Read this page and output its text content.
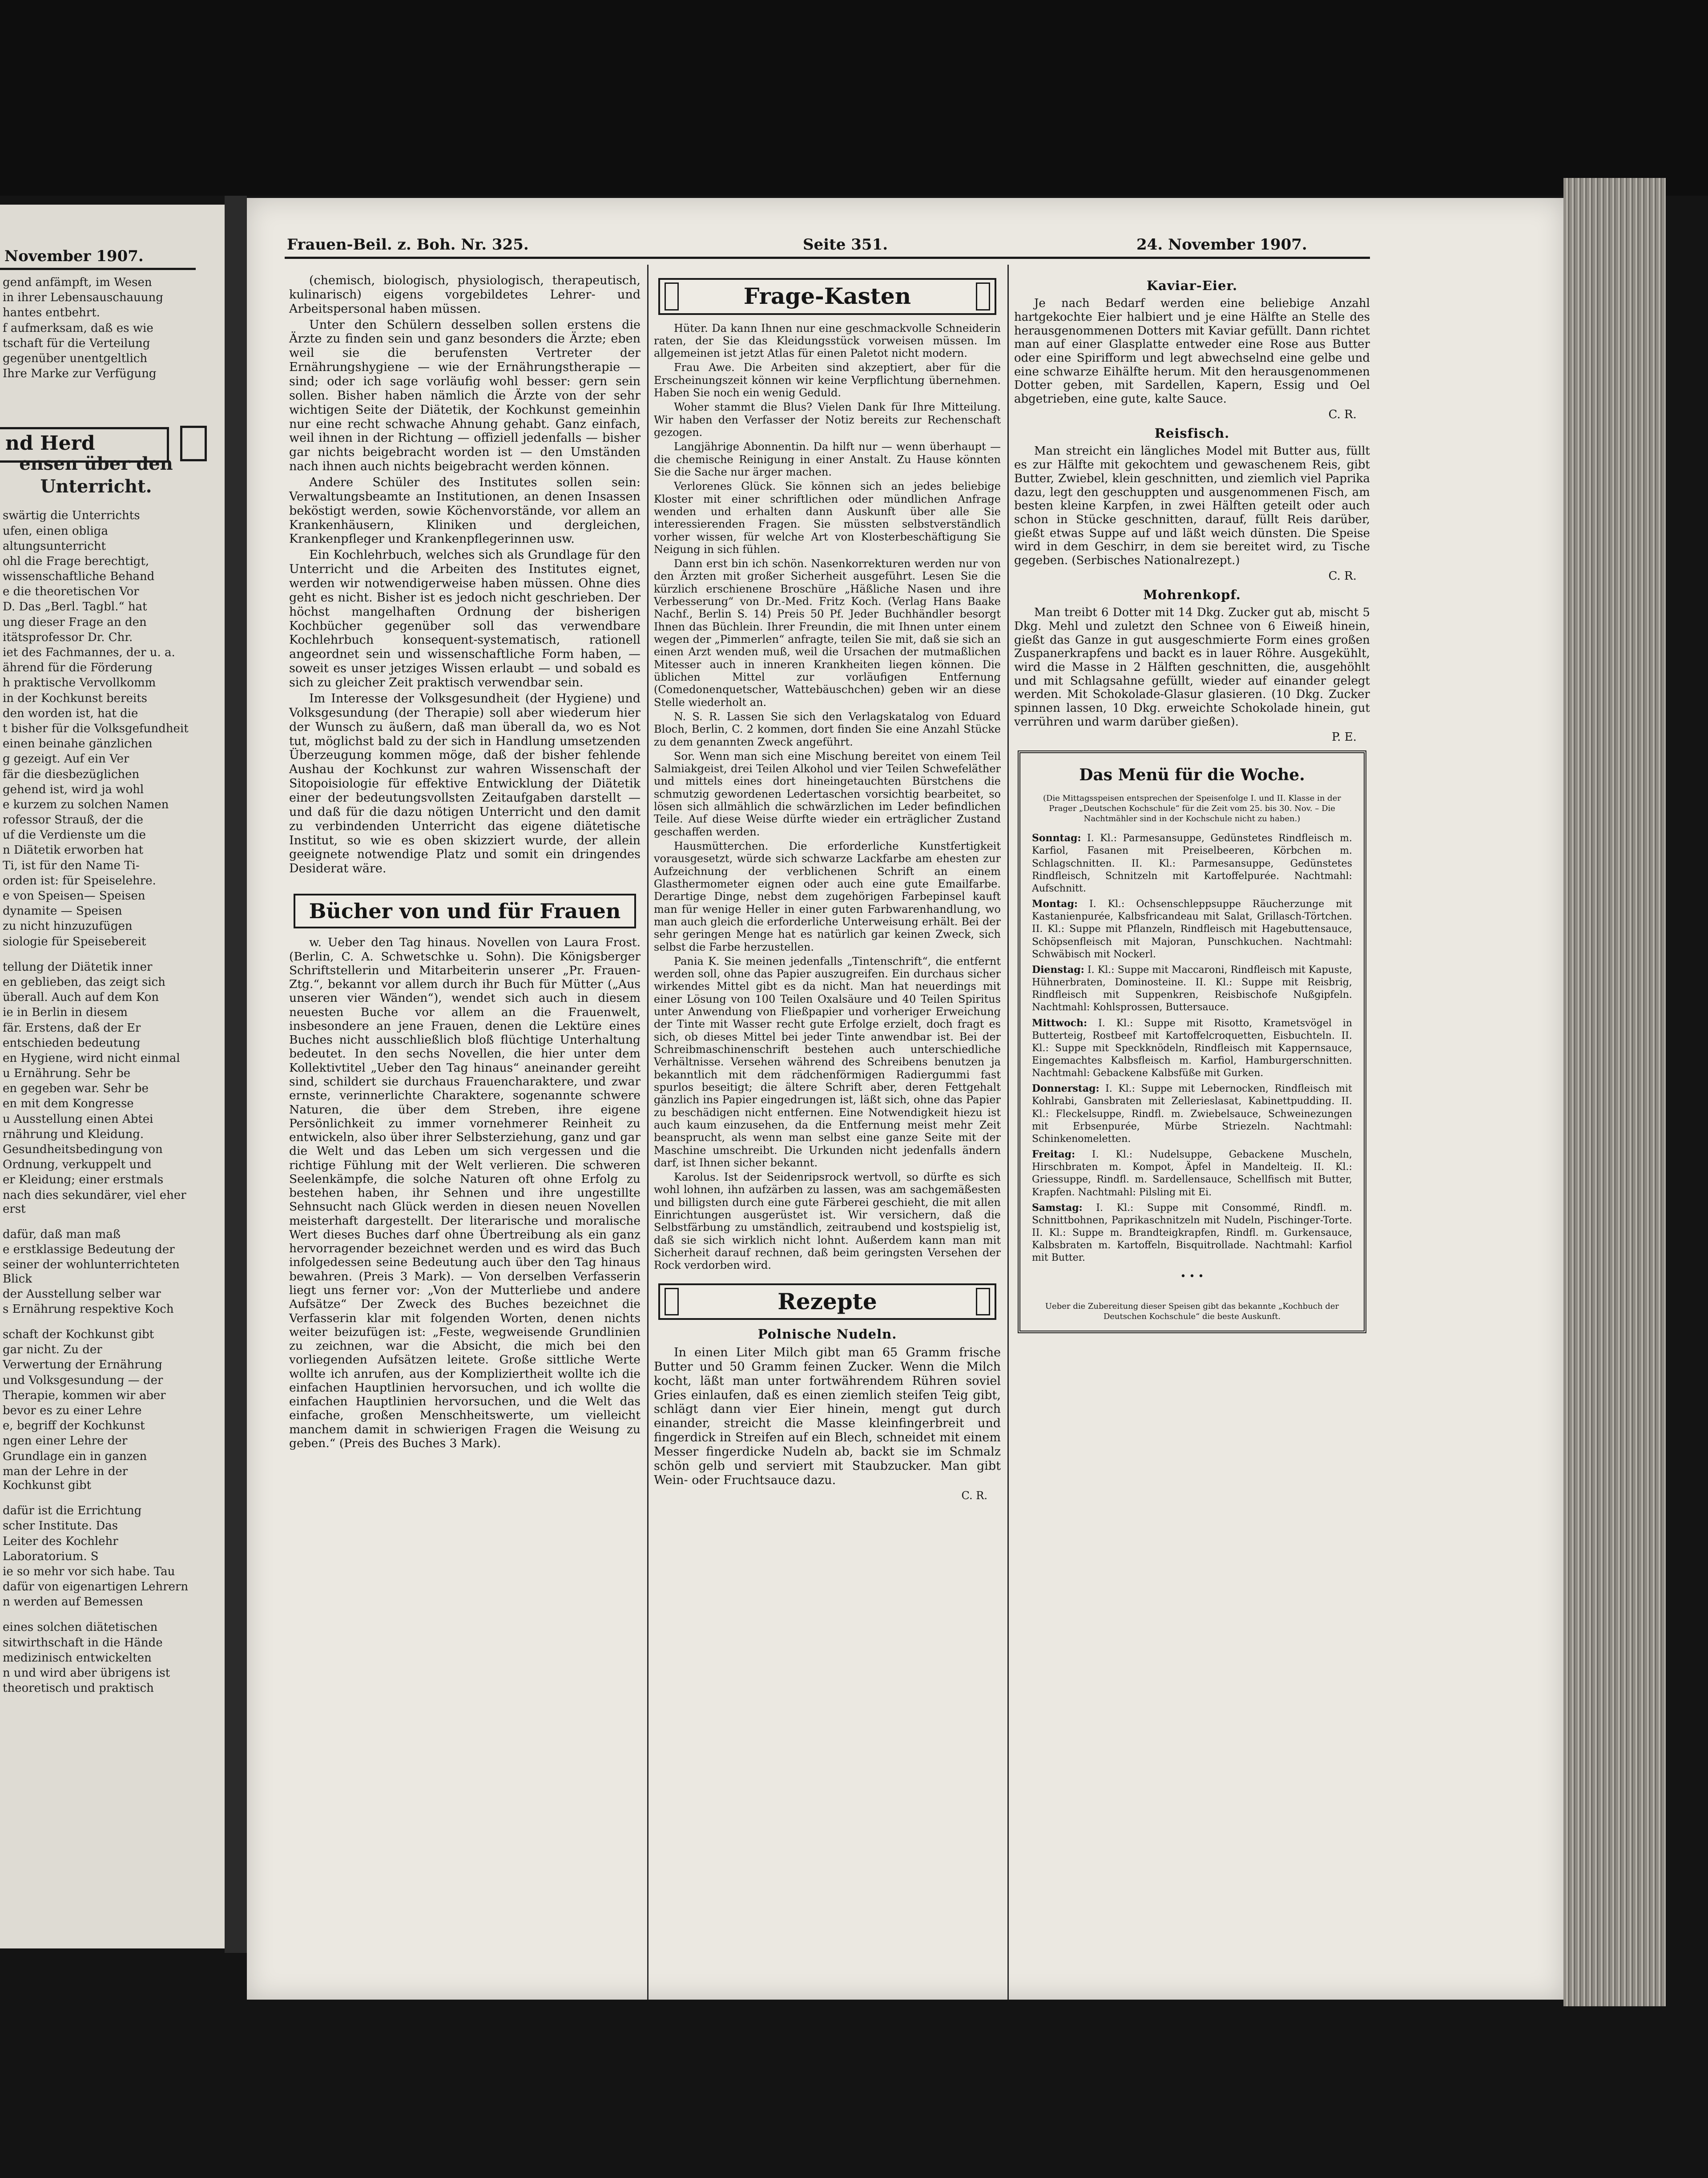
November 1907.
nd Herd
gend anfämpft, im Wesen
in ihrer Lebensauschauung
hantes entbehrt.
f aufmerksam, daß es wie
tschaft für die Verteilung
gegenüber unentgeltlich
Ihre Marke zur Verfügung
ensen über den
Unterricht.
swärtig die Unterrichts
ufen, einen obliga
altungsunterricht
ohl die Frage berechtigt,
wissenschaftliche Behand
e die theoretischen Vor
D. Das „Berl. Tagbl.“ hat
ung dieser Frage an den
itätsprofessor Dr. Chr.
iet des Fachmannes, der u. a.
ährend für die Förderung
h praktische Vervollkomm
in der Kochkunst bereits
den worden ist, hat die
t bisher für die Volksgefundheit
einen beinahe gänzlichen
g gezeigt. Auf ein Ver
fär die diesbezüglichen
gehend ist, wird ja wohl
e kurzem zu solchen Namen
rofessor Strauß, der die
uf die Verdienste um die
n Diätetik erworben hat
Ti, ist für den Name Ti-
orden ist: für Speiselehre.
e von Speisen— Speisen
dynamite — Speisen
zu nicht hinzuzufügen
siologie für Speisebereit
tellung der Diätetik inner
en geblieben, das zeigt sich
überall. Auch auf dem Kon
ie in Berlin in diesem
fär. Erstens, daß der Er
entschieden bedeutung
en Hygiene, wird nicht einmal
u Ernährung. Sehr be
en gegeben war. Sehr be
en mit dem Kongresse
u Ausstellung einen Abtei
rnährung und Kleidung.
Gesundheitsbedingung von
Ordnung, verkuppelt und
er Kleidung; einer erstmals
nach dies sekundärer, viel eher erst
dafür, daß man maß
e erstklassige Bedeutung der
seiner der wohlunterrichteten Blick
der Ausstellung selber war
s Ernährung respektive Koch
schaft der Kochkunst gibt
gar nicht. Zu der
Verwertung der Ernährung
und Volksgesundung — der
Therapie, kommen wir aber
bevor es zu einer Lehre
e, begriff der Kochkunst
ngen einer Lehre der
Grundlage ein in ganzen
man der Lehre in der Kochkunst gibt
dafür ist die Errichtung
scher Institute. Das
Leiter des Kochlehr
Laboratorium. S
ie so mehr vor sich habe. Tau
dafür von eigenartigen Lehrern
n werden auf Bemessen
eines solchen diätetischen
sitwirthschaft in die Hände
medizinisch entwickelten
n und wird aber übrigens ist
theoretisch und praktisch
Frauen-Beil. z. Boh. Nr. 325.	Seite 351.	24. November 1907.

(chemisch, biologisch, physiologisch, therapeutisch, kulinarisch) eigens vorgebildetes Lehrer- und Arbeitspersonal haben müssen.

Unter den Schülern desselben sollen erstens die Ärzte zu finden sein und ganz besonders die Ärzte; eben weil sie die berufensten Vertreter der Ernährungshygiene — wie der Ernährungstherapie — sind; oder ich sage vorläufig wohl besser: gern sein sollen. Bisher haben nämlich die Ärzte von der sehr wichtigen Seite der Diätetik, der Kochkunst gemeinhin nur eine recht schwache Ahnung gehabt. Ganz einfach, weil ihnen in der Richtung — offiziell jedenfalls — bisher gar nichts beigebracht worden ist — den Umständen nach ihnen auch nichts beigebracht werden können.

Andere Schüler des Institutes sollen sein: Verwaltungsbeamte an Institutionen, an denen Insassen beköstigt werden, sowie Köchenvorstände, vor allem an Krankenhäusern, Kliniken und dergleichen, Krankenpfleger und Krankenpflegerinnen usw.

Ein Kochlehrbuch, welches sich als Grundlage für den Unterricht und die Arbeiten des Institutes eignet, werden wir notwendigerweise haben müssen. Ohne dies geht es nicht. Bisher ist es jedoch nicht geschrieben. Der höchst mangelhaften Ordnung der bisherigen Kochbücher gegenüber soll das verwendbare Kochlehrbuch konsequent-systematisch, rationell angeordnet sein und wissenschaftliche Form haben, — soweit es unser jetziges Wissen erlaubt — und sobald es sich zu gleicher Zeit praktisch verwendbar sein.

Im Interesse der Volksgesundheit (der Hygiene) und Volksgesundung (der Therapie) soll aber wiederum hier der Wunsch zu äußern, daß man überall da, wo es Not tut, möglichst bald zu der sich in Handlung umsetzenden Überzeugung kommen möge, daß der bisher fehlende Aushau der Kochkunst zur wahren Wissenschaft der Sitopoisiologie für effektive Entwicklung der Diätetik einer der bedeutungsvollsten Zeitaufgaben darstellt — und daß für die dazu nötigen Unterricht und den damit zu verbindenden Unterricht das eigene diätetische Institut, so wie es oben skizziert wurde, der allein geeignete notwendige Platz und somit ein dringendes Desiderat wäre.

Bücher von und für Frauen

w. Ueber den Tag hinaus. Novellen von Laura Frost. (Berlin, C. A. Schwetschke u. Sohn). Die Königsberger Schriftstellerin und Mitarbeiterin unserer „Pr. Frauen-Ztg.“, bekannt vor allem durch ihr Buch für Mütter („Aus unseren vier Wänden“), wendet sich auch in diesem neuesten Buche vor allem an die Frauenwelt, insbesondere an jene Frauen, denen die Lektüre eines Buches nicht ausschließlich bloß flüchtige Unterhaltung bedeutet. In den sechs Novellen, die hier unter dem Kollektivtitel „Ueber den Tag hinaus“ aneinander gereiht sind, schildert sie durchaus Frauencharaktere, und zwar ernste, verinnerlichte Charaktere, sogenannte schwere Naturen, die über dem Streben, ihre eigene Persönlichkeit zu immer vornehmerer Reinheit zu entwickeln, also über ihrer Selbsterziehung, ganz und gar die Welt und das Leben um sich vergessen und die richtige Fühlung mit der Welt verlieren. Die schweren Seelenkämpfe, die solche Naturen oft ohne Erfolg zu bestehen haben, ihr Sehnen und ihre ungestillte Sehnsucht nach Glück werden in diesen neuen Novellen meisterhaft dargestellt. Der literarische und moralische Wert dieses Buches darf ohne Übertreibung als ein ganz hervorragender bezeichnet werden und es wird das Buch infolgedessen seine Bedeutung auch über den Tag hinaus bewahren. (Preis 3 Mark). — Von derselben Verfasserin liegt uns ferner vor: „Von der Mutterliebe und andere Aufsätze“ Der Zweck des Buches bezeichnet die Verfasserin klar mit folgenden Worten, denen nichts weiter beizufügen ist: „Feste, wegweisende Grundlinien zu zeichnen, war die Absicht, die mich bei den vorliegenden Aufsätzen leitete. Große sittliche Werte wollte ich anrufen, aus der Kompliziertheit wollte ich die einfachen Hauptlinien hervorsuchen, und ich wollte die einfachen Hauptlinien hervorsuchen, und die Welt das einfache, großen Menschheitswerte, um vielleicht manchem damit in schwierigen Fragen die Weisung zu geben.“ (Preis des Buches 3 Mark).

Frage-Kasten

Hüter. Da kann Ihnen nur eine geschmackvolle Schneiderin raten, der Sie das Kleidungsstück vorweisen müssen. Im allgemeinen ist jetzt Atlas für einen Paletot nicht modern.

Frau Awe. Die Arbeiten sind akzeptiert, aber für die Erscheinungszeit können wir keine Verpflichtung übernehmen. Haben Sie noch ein wenig Geduld.

Woher stammt die Blus? Vielen Dank für Ihre Mitteilung. Wir haben den Verfasser der Notiz bereits zur Rechenschaft gezogen.

Langjährige Abonnentin. Da hilft nur — wenn überhaupt — die chemische Reinigung in einer Anstalt. Zu Hause könnten Sie die Sache nur ärger machen.

Verlorenes Glück. Sie können sich an jedes beliebige Kloster mit einer schriftlichen oder mündlichen Anfrage wenden und erhalten dann Auskunft über alle Sie interessierenden Fragen. Sie müssten selbstverständlich vorher wissen, für welche Art von Klosterbeschäftigung Sie Neigung in sich fühlen.

Dann erst bin ich schön. Nasenkorrekturen werden nur von den Ärzten mit großer Sicherheit ausgeführt. Lesen Sie die kürzlich erschienene Broschüre „Häßliche Nasen und ihre Verbesserung“ von Dr.-Med. Fritz Koch. (Verlag Hans Baake Nachf., Berlin S. 14) Preis 50 Pf. Jeder Buchhändler besorgt Ihnen das Büchlein. Ihrer Freundin, die mit Ihnen unter einem wegen der „Pimmerlen“ anfragte, teilen Sie mit, daß sie sich an einen Arzt wenden muß, weil die Ursachen der mutmaßlichen Mitesser auch in inneren Krankheiten liegen können. Die üblichen Mittel zur vorläufigen Entfernung (Comedonenquetscher, Wattebäuschchen) geben wir an diese Stelle wiederholt an.

N. S. R. Lassen Sie sich den Verlagskatalog von Eduard Bloch, Berlin, C. 2 kommen, dort finden Sie eine Anzahl Stücke zu dem genannten Zweck angeführt.

Sor. Wenn man sich eine Mischung bereitet von einem Teil Salmiakgeist, drei Teilen Alkohol und vier Teilen Schwefeläther und mittels eines dort hineingetauchten Bürstchens die schmutzig gewordenen Ledertaschen vorsichtig bearbeitet, so lösen sich allmählich die schwärzlichen im Leder befindlichen Teile. Auf diese Weise dürfte wieder ein erträglicher Zustand geschaffen werden.

Hausmütterchen. Die erforderliche Kunstfertigkeit vorausgesetzt, würde sich schwarze Lackfarbe am ehesten zur Aufzeichnung der verblichenen Schrift an einem Glasthermometer eignen oder auch eine gute Emailfarbe. Derartige Dinge, nebst dem zugehörigen Farbepinsel kauft man für wenige Heller in einer guten Farbwarenhandlung, wo man auch gleich die erforderliche Unterweisung erhält. Bei der sehr geringen Menge hat es natürlich gar keinen Zweck, sich selbst die Farbe herzustellen.

Pania K. Sie meinen jedenfalls „Tintenschrift“, die entfernt werden soll, ohne das Papier auszugreifen. Ein durchaus sicher wirkendes Mittel gibt es da nicht. Man hat neuerdings mit einer Lösung von 100 Teilen Oxalsäure und 40 Teilen Spiritus unter Anwendung von Fließpapier und vorheriger Erweichung der Tinte mit Wasser recht gute Erfolge erzielt, doch fragt es sich, ob dieses Mittel bei jeder Tinte anwendbar ist. Bei der Schreibmaschinenschrift bestehen auch unterschiedliche Verhältnisse. Versehen während des Schreibens benutzen ja bekanntlich mit dem rädchenförmigen Radiergummi fast spurlos beseitigt; die ältere Schrift aber, deren Fettgehalt gänzlich ins Papier eingedrungen ist, läßt sich, ohne das Papier zu beschädigen nicht entfernen. Eine Notwendigkeit hiezu ist auch kaum einzusehen, da die Entfernung meist mehr Zeit beansprucht, als wenn man selbst eine ganze Seite mit der Maschine umschreibt. Die Urkunden nicht jedenfalls ändern darf, ist Ihnen sicher bekannt.

Karolus. Ist der Seidenripsrock wertvoll, so dürfte es sich wohl lohnen, ihn aufzärben zu lassen, was am sachgemäßesten und billigsten durch eine gute Färberei geschieht, die mit allen Einrichtungen ausgerüstet ist. Wir versichern, daß die Selbstfärbung zu umständlich, zeitraubend und kostspielig ist, daß sie sich wirklich nicht lohnt. Außerdem kann man mit Sicherheit darauf rechnen, daß beim geringsten Versehen der Rock verdorben wird.

Rezepte
Polnische Nudeln.

In einen Liter Milch gibt man 65 Gramm frische Butter und 50 Gramm feinen Zucker. Wenn die Milch kocht, läßt man unter fortwährendem Rühren soviel Gries einlaufen, daß es einen ziemlich steifen Teig gibt, schlägt dann vier Eier hinein, mengt gut durch einander, streicht die Masse kleinfingerbreit und fingerdick in Streifen auf ein Blech, schneidet mit einem Messer fingerdicke Nudeln ab, backt sie im Schmalz schön gelb und serviert mit Staubzucker. Man gibt Wein- oder Fruchtsauce dazu.

C. R.
Kaviar-Eier.

Je nach Bedarf werden eine beliebige Anzahl hartgekochte Eier halbiert und je eine Hälfte an Stelle des herausgenommenen Dotters mit Kaviar gefüllt. Dann richtet man auf einer Glasplatte entweder eine Rose aus Butter oder eine Spirifform und legt abwechselnd eine gelbe und eine schwarze Eihälfte herum. Mit den herausgenommenen Dotter geben, mit Sardellen, Kapern, Essig und Oel abgetrieben, eine gute, kalte Sauce.

C. R.
Reisfisch.

Man streicht ein längliches Model mit Butter aus, füllt es zur Hälfte mit gekochtem und gewaschenem Reis, gibt Butter, Zwiebel, klein geschnitten, und ziemlich viel Paprika dazu, legt den geschuppten und ausgenommenen Fisch, am besten kleine Karpfen, in zwei Hälften geteilt oder auch schon in Stücke geschnitten, darauf, füllt Reis darüber, gießt etwas Suppe auf und läßt weich dünsten. Die Speise wird in dem Geschirr, in dem sie bereitet wird, zu Tische gegeben. (Serbisches Nationalrezept.)

C. R.
Mohrenkopf.

Man treibt 6 Dotter mit 14 Dkg. Zucker gut ab, mischt 5 Dkg. Mehl und zuletzt den Schnee von 6 Eiweiß hinein, gießt das Ganze in gut ausgeschmierte Form eines großen Zuspanerkrapfens und backt es in lauer Röhre. Ausgekühlt, wird die Masse in 2 Hälften geschnitten, die, ausgehöhlt und mit Schlagsahne gefüllt, wieder auf einander gelegt werden. Mit Schokolade-Glasur glasieren. (10 Dkg. Zucker spinnen lassen, 10 Dkg. erweichte Schokolade hinein, gut verrühren und warm darüber gießen).

P. E.
Das Menü für die Woche.
(Die Mittagsspeisen entsprechen der Speisenfolge I. und II. Klasse in der Prager „Deutschen Kochschule“ für die Zeit vom 25. bis 30. Nov. – Die Nachtmähler sind in der Kochschule nicht zu haben.)
Sonntag: I. Kl.: Parmesansuppe, Gedünstetes Rindfleisch m. Karfiol, Fasanen mit Preiselbeeren, Körbchen m. Schlagschnitten. II. Kl.: Parmesansuppe, Gedünstetes Rindfleisch, Schnitzeln mit Kartoffelpurée. Nachtmahl: Aufschnitt.
Montag: I. Kl.: Ochsenschleppsuppe Räucherzunge mit Kastanienpurée, Kalbsfricandeau mit Salat, Grillasch-Törtchen. II. Kl.: Suppe mit Pflanzeln, Rindfleisch mit Hagebuttensauce, Schöpsenfleisch mit Majoran, Punschkuchen. Nachtmahl: Schwäbisch mit Nockerl.
Dienstag: I. Kl.: Suppe mit Maccaroni, Rindfleisch mit Kapuste, Hühnerbraten, Dominosteine. II. Kl.: Suppe mit Reisbrig, Rindfleisch mit Suppenkren, Reisbischofe Nußgipfeln. Nachtmahl: Kohlsprossen, Buttersauce.
Mittwoch: I. Kl.: Suppe mit Risotto, Krametsvögel in Butterteig, Rostbeef mit Kartoffelcroquetten, Eisbuchteln. II. Kl.: Suppe mit Speckknödeln, Rindfleisch mit Kappernsauce, Eingemachtes Kalbsfleisch m. Karfiol, Hamburgerschnitten. Nachtmahl: Gebackene Kalbsfüße mit Gurken.
Donnerstag: I. Kl.: Suppe mit Lebernocken, Rindfleisch mit Kohlrabi, Gansbraten mit Zellerieslasat, Kabinettpudding. II. Kl.: Fleckelsuppe, Rindfl. m. Zwiebelsauce, Schweinezungen mit Erbsenpurée, Mürbe Striezeln. Nachtmahl: Schinkenomeletten.
Freitag: I. Kl.: Nudelsuppe, Gebackene Muscheln, Hirschbraten m. Kompot, Äpfel in Mandelteig. II. Kl.: Griessuppe, Rindfl. m. Sardellensauce, Schellfisch mit Butter, Krapfen. Nachtmahl: Pilsling mit Ei.
Samstag: I. Kl.: Suppe mit Consommé, Rindfl. m. Schnittbohnen, Paprikaschnitzeln mit Nudeln, Pischinger-Torte. II. Kl.: Suppe m. Brandteigkrapfen, Rindfl. m. Gurkensauce, Kalbsbraten m. Kartoffeln, Bisquitrollade. Nachtmahl: Karfiol mit Butter.
• • •
Ueber die Zubereitung dieser Speisen gibt das bekannte „Kochbuch der Deutschen Kochschule“ die beste Auskunft.
